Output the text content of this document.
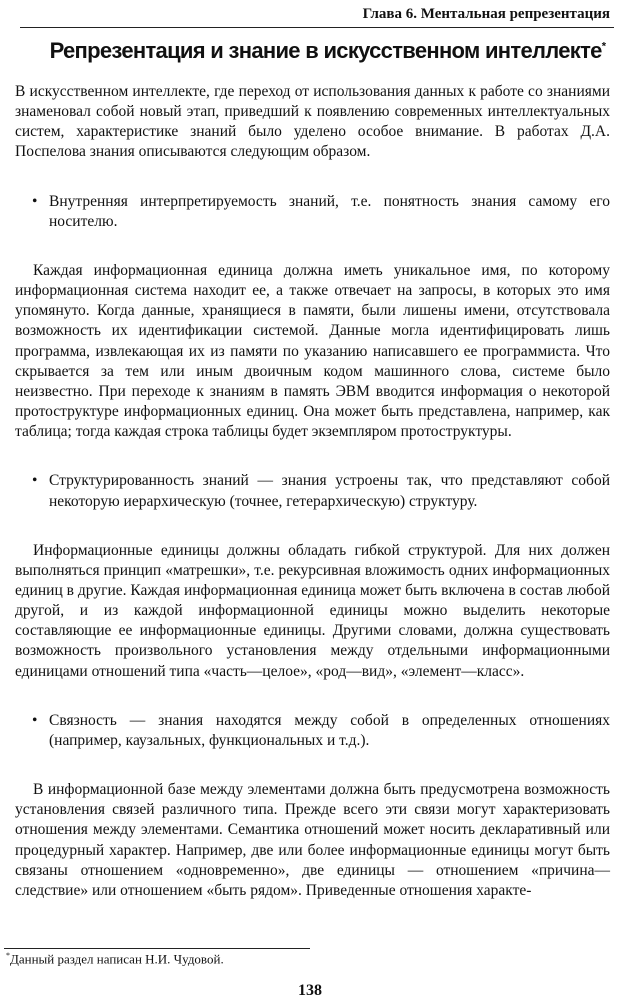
Глава 6. Ментальная репрезентация
Репрезентация и знание в искусственном интеллекте*

В искусственном интеллекте, где переход от использования данных к работе со знаниями знаменовал собой новый этап, приведший к появлению современных интеллектуальных систем, характеристике знаний было уделено особое внимание. В работах Д.А. Поспелова знания описываются следующим образом.

• Внутренняя интерпретируемость знаний, т.е. понятность знания самому его носителю.

Каждая информационная единица должна иметь уникальное имя, по которому информационная система находит ее, а также отвечает на запросы, в которых это имя упомянуто. Когда данные, хранящиеся в памяти, были лишены имени, отсутствовала возможность их идентификации системой. Данные могла идентифицировать лишь программа, извлекающая их из памяти по указанию написавшего ее программиста. Что скрывается за тем или иным двоичным кодом машинного слова, системе было неизвестно. При переходе к знаниям в память ЭВМ вводится информация о некоторой протоструктуре информационных единиц. Она может быть представлена, например, как таблица; тогда каждая строка таблицы будет экземпляром протоструктуры.

• Структурированность знаний — знания устроены так, что представляют собой некоторую иерархическую (точнее, гетерархическую) структуру.

Информационные единицы должны обладать гибкой структурой. Для них должен выполняться принцип «матрешки», т.е. рекурсивная вложимость одних информационных единиц в другие. Каждая информационная единица может быть включена в состав любой другой, и из каждой информационной единицы можно выделить некоторые составляющие ее информационные единицы. Другими словами, должна существовать возможность произвольного установления между отдельными информационными единицами отношений типа «часть—целое», «род—вид», «элемент—класс».

• Связность — знания находятся между собой в определенных отношениях (например, каузальных, функциональных и т.д.).

В информационной базе между элементами должна быть предусмотрена возможность установления связей различного типа. Прежде всего эти связи могут характеризовать отношения между элементами. Семантика отношений может носить декларативный или процедурный характер. Например, две или более информационные единицы могут быть связаны отношением «одновременно», две единицы — отношением «причина—следствие» или отношением «быть рядом». Приведенные отношения характе-

*Данный раздел написан Н.И. Чудовой.
138
